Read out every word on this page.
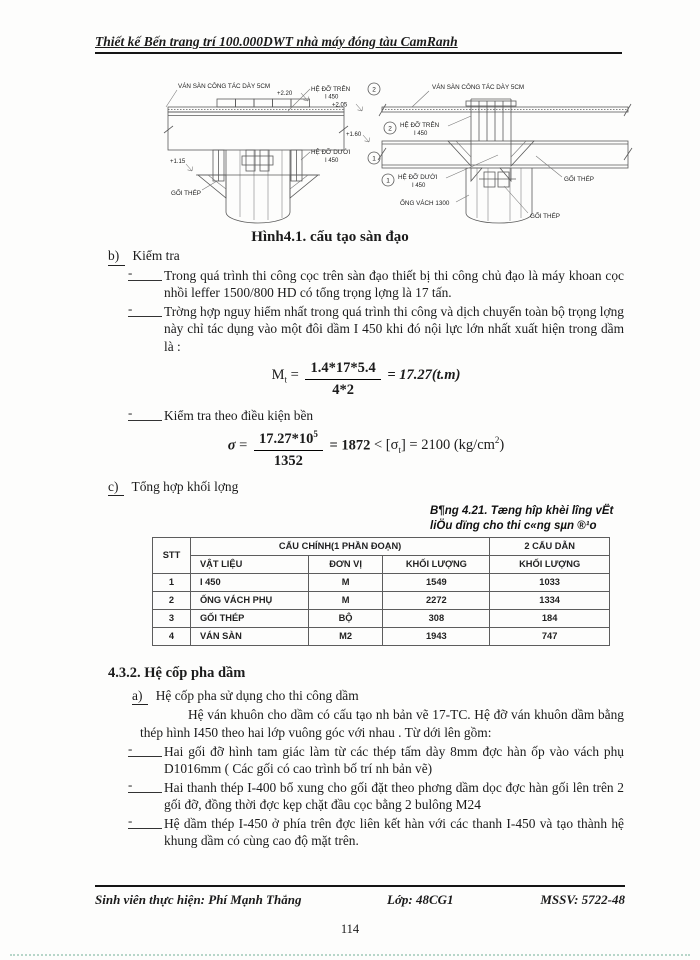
Thiết kế Bến trang trí 100.000DWT nhà máy đóng tàu CamRanh
VÁN SÀN CÔNG TÁC DÀY 5CM
+2.20
HỆ ĐỠ TRÊN	2
I 450
+2.05
+1.60
HỆ ĐỠ DƯỚI
1
I 450
+1.15
GỐI THÉP
VÁN SÀN CÔNG TÁC DÀY 5CM
2 HỆ ĐỠ TRÊN
I 450
1 HỆ ĐỠ DƯỚI
I 450
GỐI THÉP
ỐNG VÁCH 1300
GỐI THÉP
Hình4.1. cấu tạo sàn đạo
b) Kiểm tra
-	Trong quá trình thi công cọc trên sàn đạo thiết bị thi công chủ đạo là máy khoan cọc nhồi leffer 1500/800 HD có tổng trọng lợng là 17 tấn.
-	Trờng hợp nguy hiểm nhất trong quá trình thi công và dịch chuyển toàn bộ trọng lợng này chỉ tác dụng vào một đôi dầm I 450 khi đó nội lực lớn nhất xuất hiện trong dầm là :
$M_t = \frac{1.4*17*5.4}{4*2} = 17.27(t.m)$
-	Kiểm tra theo điều kiện bền
$\sigma = \frac{17.27*10^5}{1352} = 1872 < [\sigma_t] = 2100$ $(kg/cm^2)$
c) Tổng hợp khối lợng
B¶ng 4.21. Tæng hîp khèi lîng vËt liÖu dïng cho thi c«ng sµn ®¹o
STT	CẤU CHÍNH(1 PHẦN ĐOẠN)			2 CẤU DẪN
	VẬT LIỆU	ĐƠN VỊ	KHỐI LƯỢNG	KHỐI LƯỢNG
1	I 450	M	1549	1033
2	ỐNG VÁCH PHỤ	M	2272	1334
3	GỐI THÉP	BỘ	308	184
4	VÁN SÀN	M2	1943	747
4.3.2. Hệ cốp pha dầm
a) Hệ cốp pha sử dụng cho thi công dầm
Hệ ván khuôn cho dầm có cấu tạo nh bản vẽ 17-TC. Hệ đỡ ván khuôn dầm bằng thép hình I450 theo hai lớp vuông góc với nhau . Từ dới lên gồm:
-	Hai gối đỡ hình tam giác làm từ các thép tấm dày 8mm đợc hàn ốp vào vách phụ D1016mm ( Các gối có cao trình bố trí nh bản vẽ)
-	Hai thanh thép I-400 bổ xung cho gối đặt theo phơng dầm dọc đợc hàn gối lên trên 2 gối đỡ, đồng thời đợc kẹp chặt đầu cọc bằng 2 bulông M24
-	Hệ dầm thép I-450 ở phía trên đợc liên kết hàn với các thanh I-450 và tạo thành hệ khung dầm có cùng cao độ mặt trên.
Sinh viên thực hiện: Phí Mạnh Thắng	Lớp: 48CG1	MSSV: 5722-48
114
